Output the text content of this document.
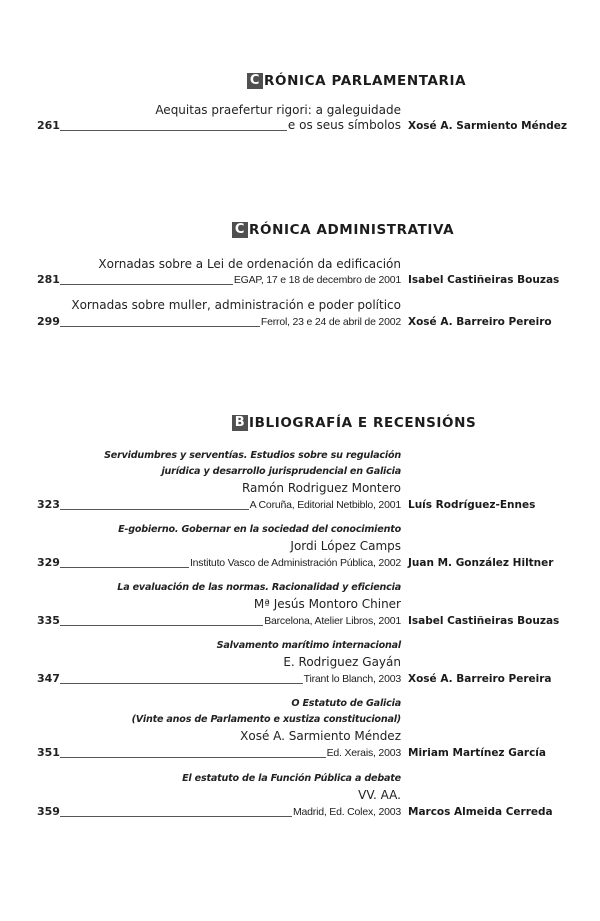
C RÓNICA PARLAMENTARIA
Aequitas praefertur rigori: a galeguidade
261	e os seus símbolos Xosé A. Sarmiento Méndez
C RÓNICA ADMINISTRATIVA
Xornadas sobre a Lei de ordenación da edificación
281	EGAP, 17 e 18 de decembro de 2001 Isabel Castiñeiras Bouzas
Xornadas sobre muller, administración e poder político
299	Ferrol, 23 e 24 de abril de 2002 Xosé A. Barreiro Pereiro
B IBLIOGRAFÍA E RECENSIÓNS
Servidumbres y serventías. Estudios sobre su regulación
jurídica y desarrollo jurisprudencial en Galicia
Ramón Rodriguez Montero
323	A Coruña, Editorial Netbiblo, 2001 Luís Rodríguez-Ennes
E-gobierno. Gobernar en la sociedad del conocimiento
Jordi López Camps
329	Instituto Vasco de Administración Pública, 2002 Juan M. González Hiltner
La evaluación de las normas. Racionalidad y eficiencia
Mª Jesús Montoro Chiner
335	Barcelona, Atelier Libros, 2001 Isabel Castiñeiras Bouzas
Salvamento marítimo internacional
E. Rodriguez Gayán
347	Tirant lo Blanch, 2003 Xosé A. Barreiro Pereira
O Estatuto de Galicia
(Vinte anos de Parlamento e xustiza constitucional)
Xosé A. Sarmiento Méndez
351	Ed. Xerais, 2003 Miriam Martínez García
El estatuto de la Función Pública a debate
VV. AA.
359	Madrid, Ed. Colex, 2003 Marcos Almeida Cerreda
